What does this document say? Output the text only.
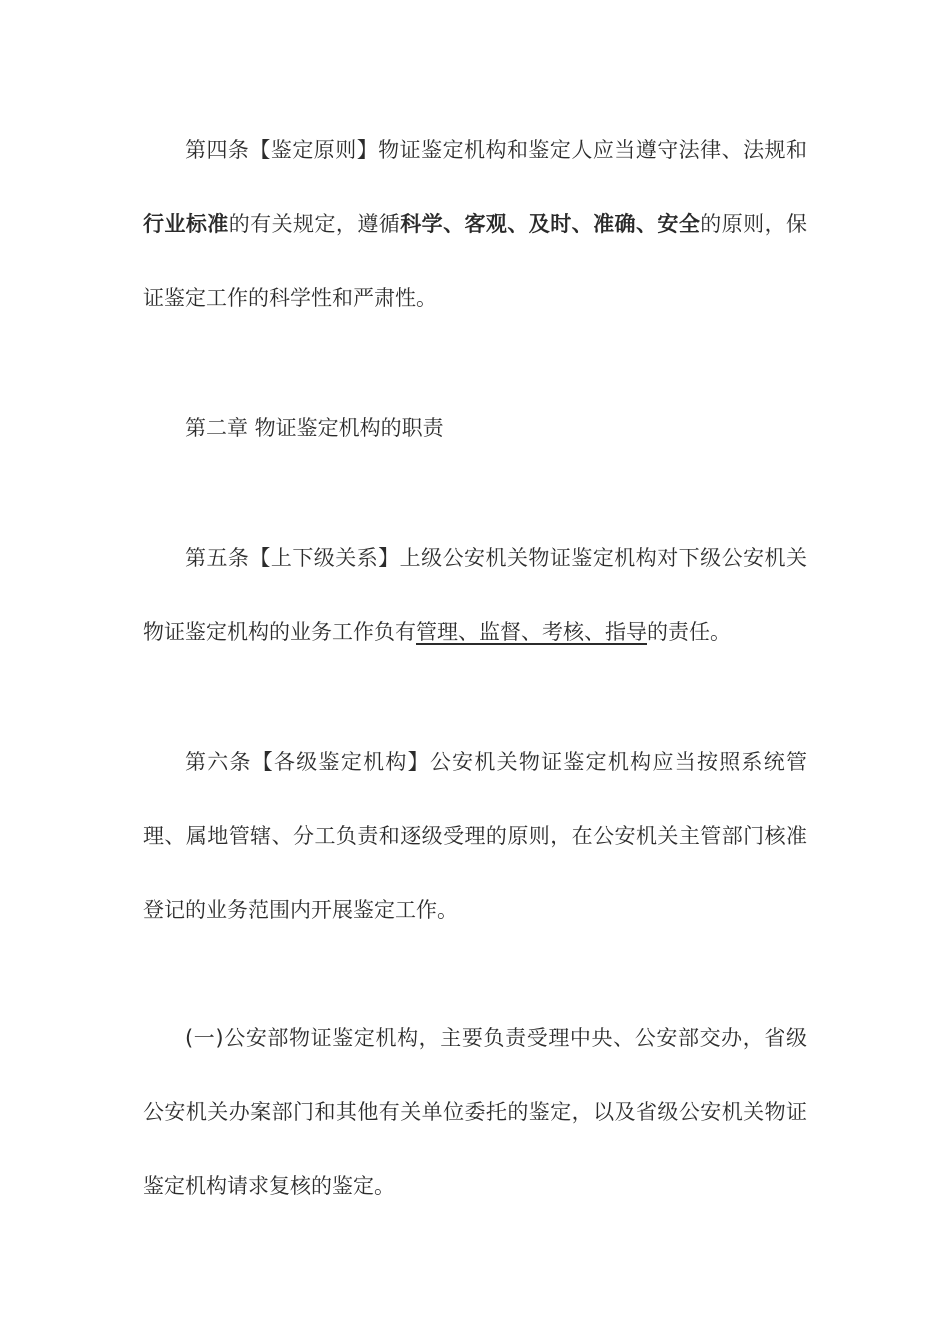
第四条【鉴定原则】物证鉴定机构和鉴定人应当遵守法律、法规和行业标准的有关规定，遵循科学、客观、及时、准确、安全的原则，保证鉴定工作的科学性和严肃性。

第二章 物证鉴定机构的职责

第五条【上下级关系】上级公安机关物证鉴定机构对下级公安机关物证鉴定机构的业务工作负有管理、监督、考核、指导的责任。

第六条【各级鉴定机构】公安机关物证鉴定机构应当按照系统管理、属地管辖、分工负责和逐级受理的原则，在公安机关主管部门核准登记的业务范围内开展鉴定工作。

(一)公安部物证鉴定机构，主要负责受理中央、公安部交办，省级公安机关办案部门和其他有关单位委托的鉴定，以及省级公安机关物证鉴定机构请求复核的鉴定。
